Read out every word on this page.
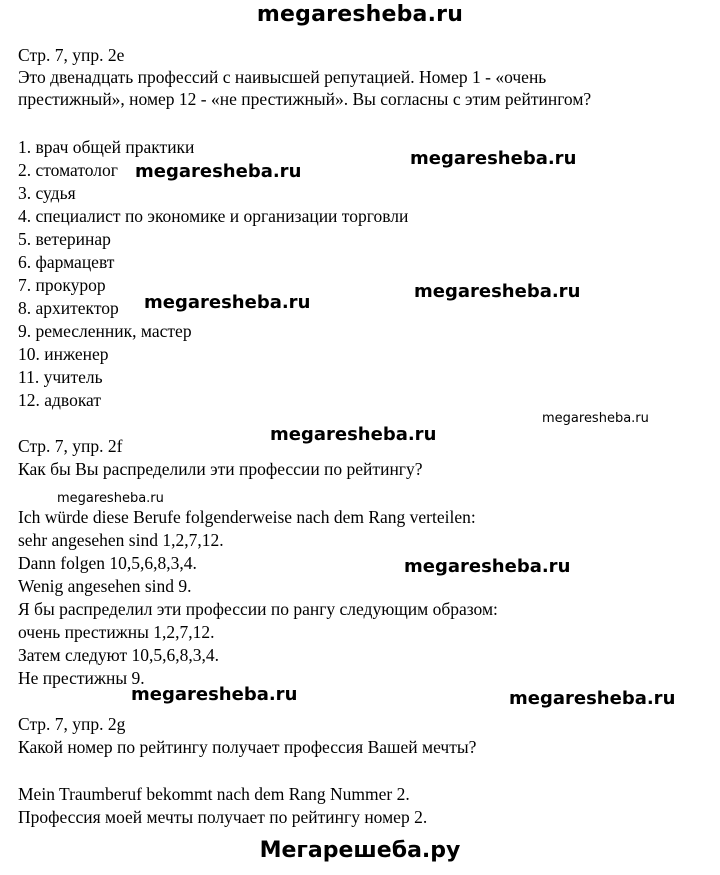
megaresheba.ru
Стр. 7, упр. 2e
Это двенадцать профессий с наивысшей репутацией. Номер 1 - «очень
престижный», номер 12 - «не престижный». Вы согласны с этим рейтингом?
1. врач общей практики
2. стоматолог
3. судья
4. специалист по экономике и организации торговли
5. ветеринар
6. фармацевт
7. прокурор
8. архитектор
9. ремесленник, мастер
10. инженер
11. учитель
12. адвокат
Стр. 7, упр. 2f
Как бы Вы распределили эти профессии по рейтингу?
Ich würde diese Berufe folgenderweise nach dem Rang verteilen:
sehr angesehen sind 1,2,7,12.
Dann folgen 10,5,6,8,3,4.
Wenig angesehen sind 9.
Я бы распределил эти профессии по рангу следующим образом:
очень престижны 1,2,7,12.
Затем следуют 10,5,6,8,3,4.
Не престижны 9.
Стр. 7, упр. 2g
Какой номер по рейтингу получает профессия Вашей мечты?
Mein Traumberuf bekommt nach dem Rang Nummer 2.
Профессия моей мечты получает по рейтингу номер 2.
megaresheba.ru
megaresheba.ru
megaresheba.ru
megaresheba.ru
megaresheba.ru
megaresheba.ru
megaresheba.ru
megaresheba.ru
megaresheba.ru	megaresheba.ru
Мегарешеба.ру
